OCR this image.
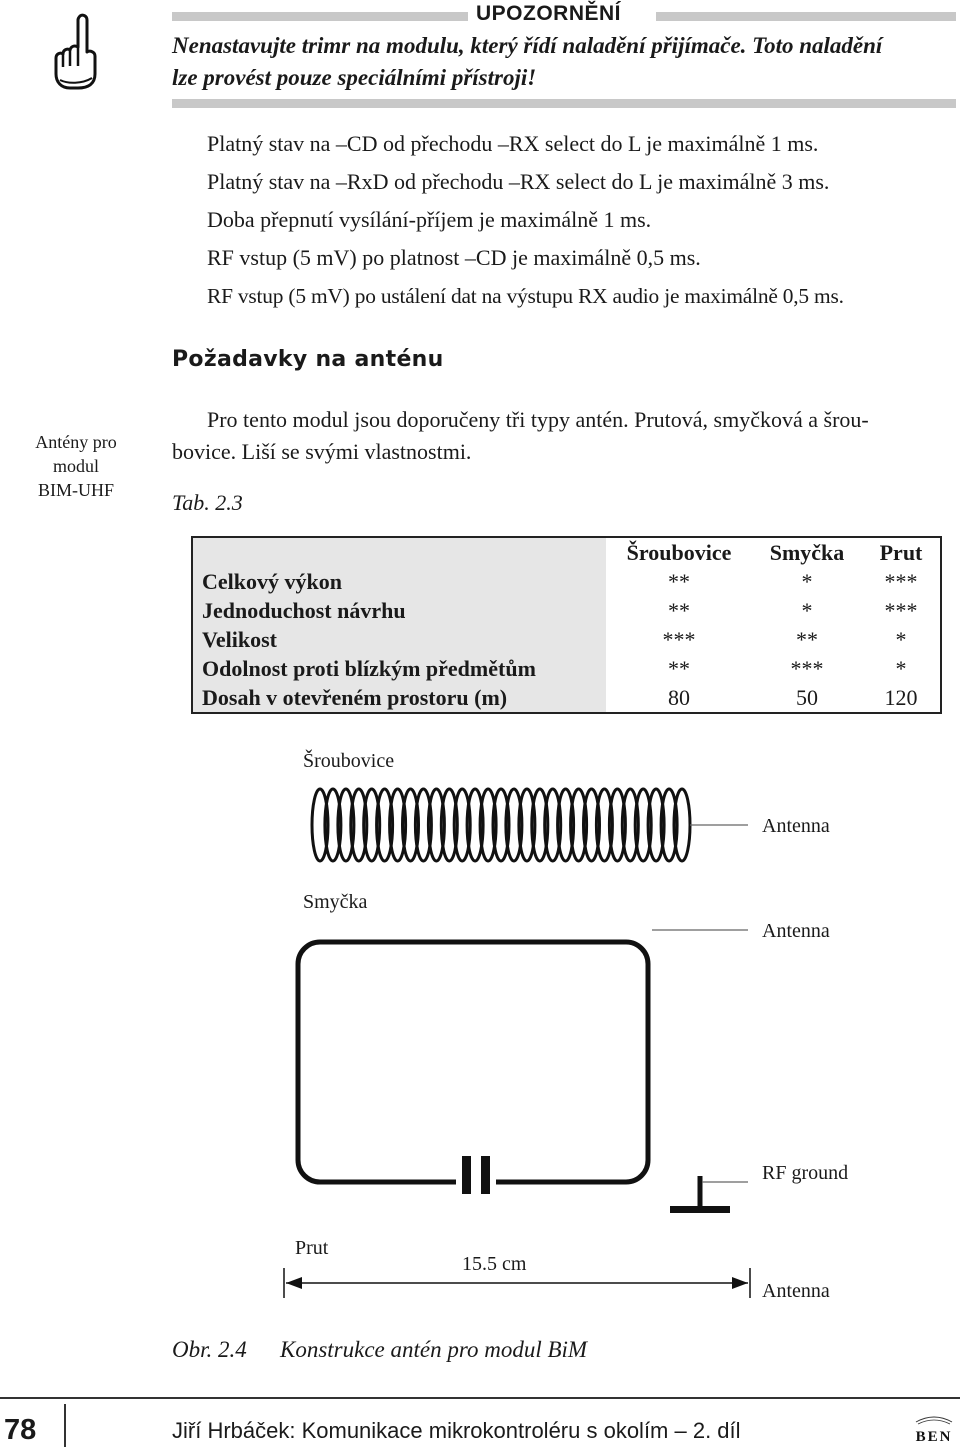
UPOZORNĚNÍ
Nenastavujte trimr na modulu, který řídí naladění přijímače. Toto naladění
lze provést pouze speciálními přístroji!
Platný stav na –CD od přechodu –RX select do L je maximálně 1 ms.
Platný stav na –RxD od přechodu –RX select do L je maximálně 3 ms.
Doba přepnutí vysílání-příjem je maximálně 1 ms.
RF vstup (5 mV) po platnost –CD je maximálně 0,5 ms.
RF vstup (5 mV) po ustálení dat na výstupu RX audio je maximálně 0,5 ms.
Požadavky na anténu
Antény pro
modul
BIM-UHF
Pro tento modul jsou doporučeny tři typy antén. Prutová, smyčková a šrou-
bovice. Liší se svými vlastnostmi.
Tab. 2.3
	Šroubovice	Smyčka	Prut
Celkový výkon	**	*	***
Jednoduchost návrhu	**	*	***
Velikost	***	**	*
Odolnost proti blízkým předmětům	**	***	*
Dosah v otevřeném prostoru (m)	80	50	120
Šroubovice
Antenna
Smyčka
Antenna
RF ground
Prut
15.5 cm
Antenna
Obr. 2.4 Konstrukce antén pro modul BiM
78	Jiří Hrbáček: Komunikace mikrokontroléru s okolím – 2. díl	BEN
